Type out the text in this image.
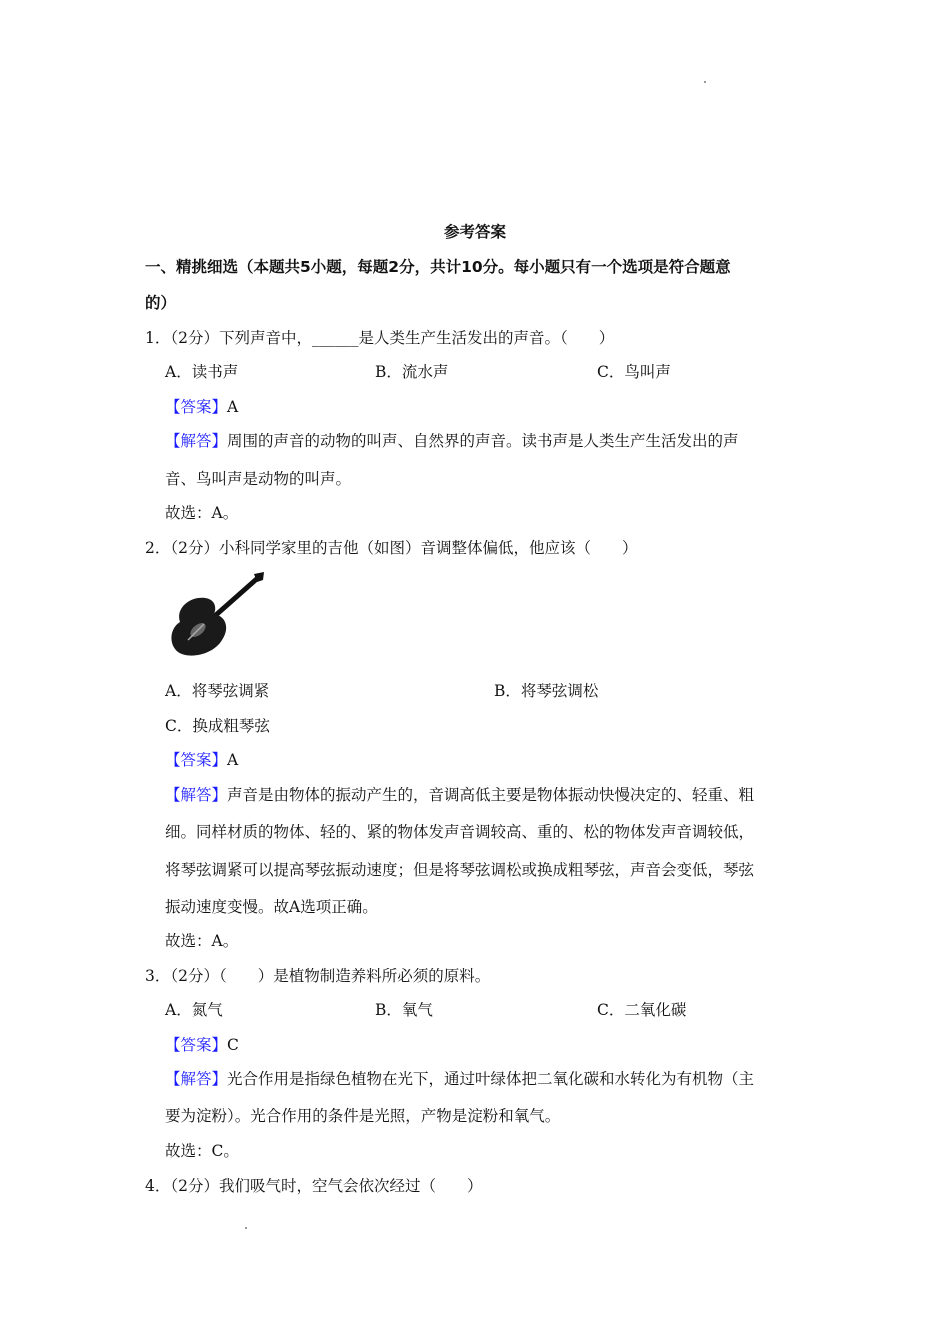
参考答案
一、精挑细选（本题共5小题，每题2分，共计10分。每小题只有一个选项是符合题意
的）
1．（2分）下列声音中，______是人类生产生活发出的声音。（　　）
A．读书声	B．流水声	C．鸟叫声
【答案】A
【解答】周围的声音的动物的叫声、自然界的声音。读书声是人类生产生活发出的声
音、鸟叫声是动物的叫声。
故选：A。
2．（2分）小科同学家里的吉他（如图）音调整体偏低，他应该（　　）
A．将琴弦调紧	B．将琴弦调松
C．换成粗琴弦
【答案】A
【解答】声音是由物体的振动产生的，音调高低主要是物体振动快慢决定的、轻重、粗
细。同样材质的物体、轻的、紧的物体发声音调较高、重的、松的物体发声音调较低，
将琴弦调紧可以提高琴弦振动速度；但是将琴弦调松或换成粗琴弦，声音会变低，琴弦
振动速度变慢。故A选项正确。
故选：A。
3．（2分）（　　）是植物制造养料所必须的原料。
A．氮气	B．氧气	C．二氧化碳
【答案】C
【解答】光合作用是指绿色植物在光下，通过叶绿体把二氧化碳和水转化为有机物（主
要为淀粉）。光合作用的条件是光照，产物是淀粉和氧气。
故选：C。
4．（2分）我们吸气时，空气会依次经过（　　）
